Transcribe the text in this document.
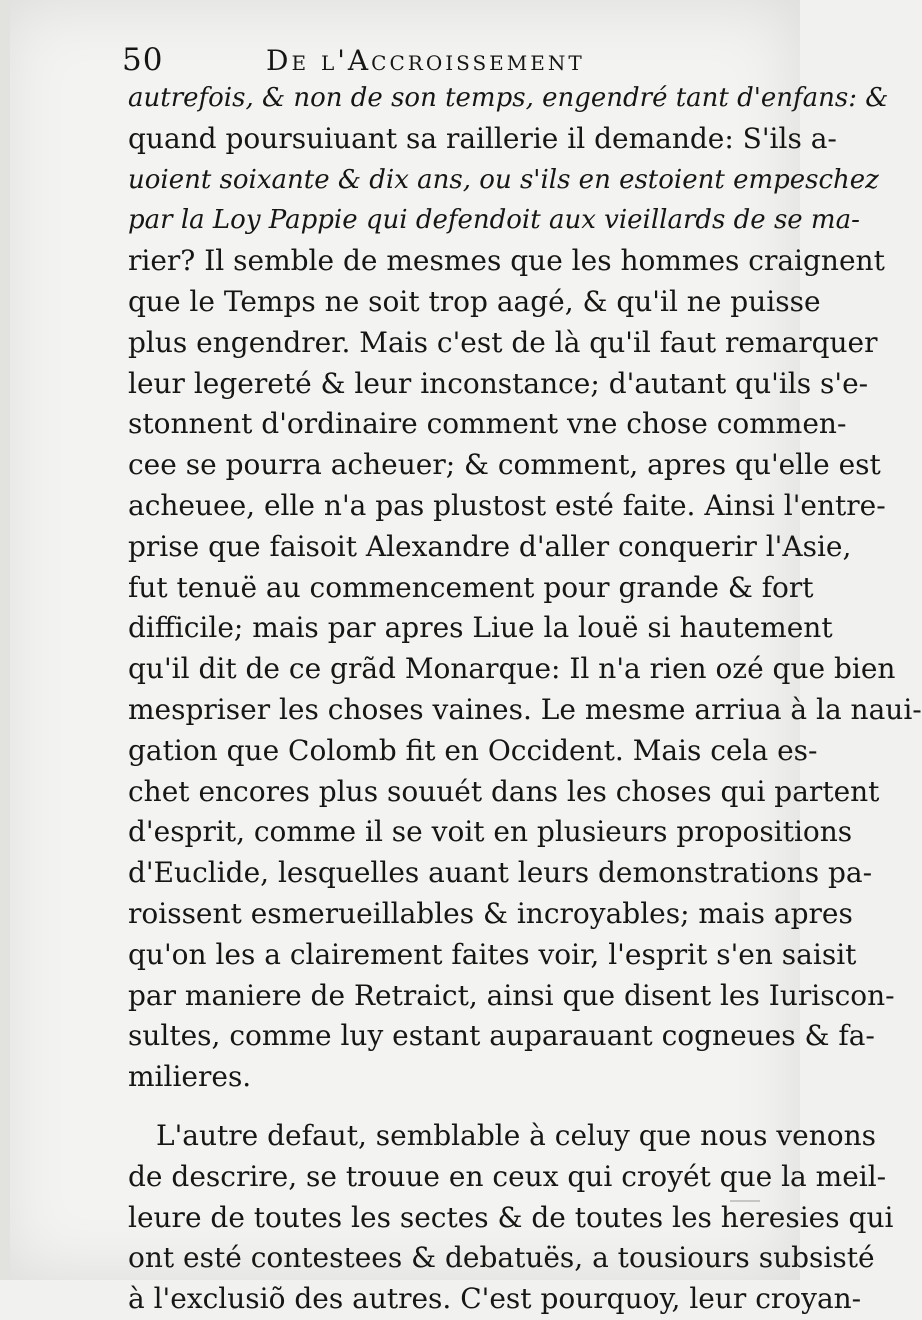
50	De l'Accroissement
autrefois, & non de son temps, engendré tant d'enfans: &
quand poursuiuant sa raillerie il demande: S'ils a-
uoient soixante & dix ans, ou s'ils en estoient empeschez
par la Loy Pappie qui defendoit aux vieillards de se ma-
rier? Il semble de mesmes que les hommes craignent
que le Temps ne soit trop aagé, & qu'il ne puisse
plus engendrer. Mais c'est de là qu'il faut remarquer
leur legereté & leur inconstance; d'autant qu'ils s'e-
stonnent d'ordinaire comment vne chose commen-
cee se pourra acheuer; & comment, apres qu'elle est
acheuee, elle n'a pas plustost esté faite. Ainsi l'entre-
prise que faisoit Alexandre d'aller conquerir l'Asie,
fut tenuë au commencement pour grande & fort
difficile; mais par apres Liue la louë si hautement
qu'il dit de ce grãd Monarque: Il n'a rien ozé que bien
mespriser les choses vaines. Le mesme arriua à la naui-
gation que Colomb fit en Occident. Mais cela es-
chet encores plus souuét dans les choses qui partent
d'esprit, comme il se voit en plusieurs propositions
d'Euclide, lesquelles auant leurs demonstrations pa-
roissent esmerueillables & incroyables; mais apres
qu'on les a clairement faites voir, l'esprit s'en saisit
par maniere de Retraict, ainsi que disent les Iuriscon-
sultes, comme luy estant auparauant cogneues & fa-
milieres.
L'autre defaut, semblable à celuy que nous venons
de descrire, se trouue en ceux qui croyét que la meil-
leure de toutes les sectes & de toutes les heresies qui
ont esté contestees & debatuës, a tousiours subsisté
à l'exclusiõ des autres. C'est pourquoy, leur croyan-
